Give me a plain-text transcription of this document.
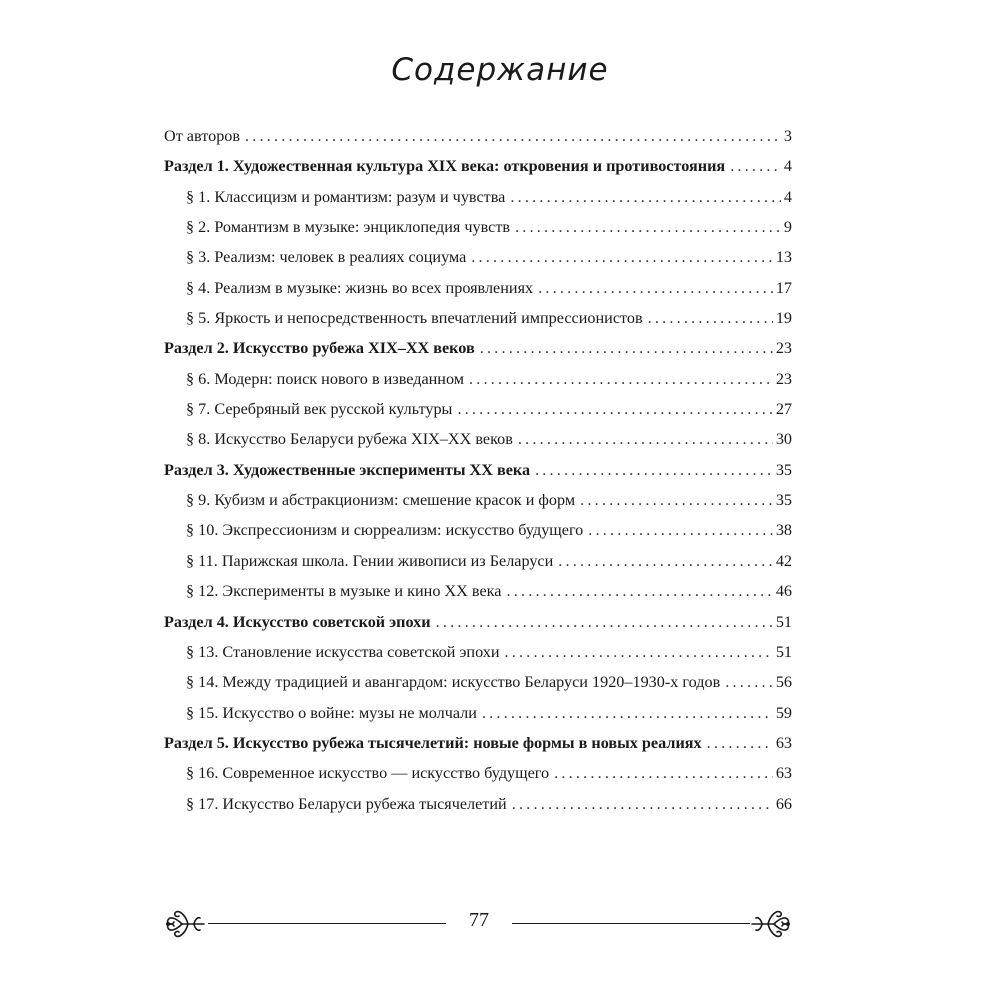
Содержание
От авторов .....	3
Раздел 1. Художественная культура XIX века: откровения и противостояния .....	4
§ 1. Классицизм и романтизм: разум и чувства .....	4
§ 2. Романтизм в музыке: энциклопедия чувств .....	9
§ 3. Реализм: человек в реалиях социума .....	13
§ 4. Реализм в музыке: жизнь во всех проявлениях .....	17
§ 5. Яркость и непосредственность впечатлений импрессионистов .....	19
Раздел 2. Искусство рубежа XIX–XX веков .....	23
§ 6. Модерн: поиск нового в изведанном .....	23
§ 7. Серебряный век русской культуры .....	27
§ 8. Искусство Беларуси рубежа XIX–XX веков .....	30
Раздел 3. Художественные эксперименты XX века .....	35
§ 9. Кубизм и абстракционизм: смешение красок и форм .....	35
§ 10. Экспрессионизм и сюрреализм: искусство будущего .....	38
§ 11. Парижская школа. Гении живописи из Беларуси .....	42
§ 12. Эксперименты в музыке и кино XX века .....	46
Раздел 4. Искусство советской эпохи .....	51
§ 13. Становление искусства советской эпохи .....	51
§ 14. Между традицией и авангардом: искусство Беларуси 1920–1930-х годов .....	56
§ 15. Искусство о войне: музы не молчали .....	59
Раздел 5. Искусство рубежа тысячелетий: новые формы в новых реалиях .....	63
§ 16. Современное искусство — искусство будущего .....	63
§ 17. Искусство Беларуси рубежа тысячелетий .....	66
77
